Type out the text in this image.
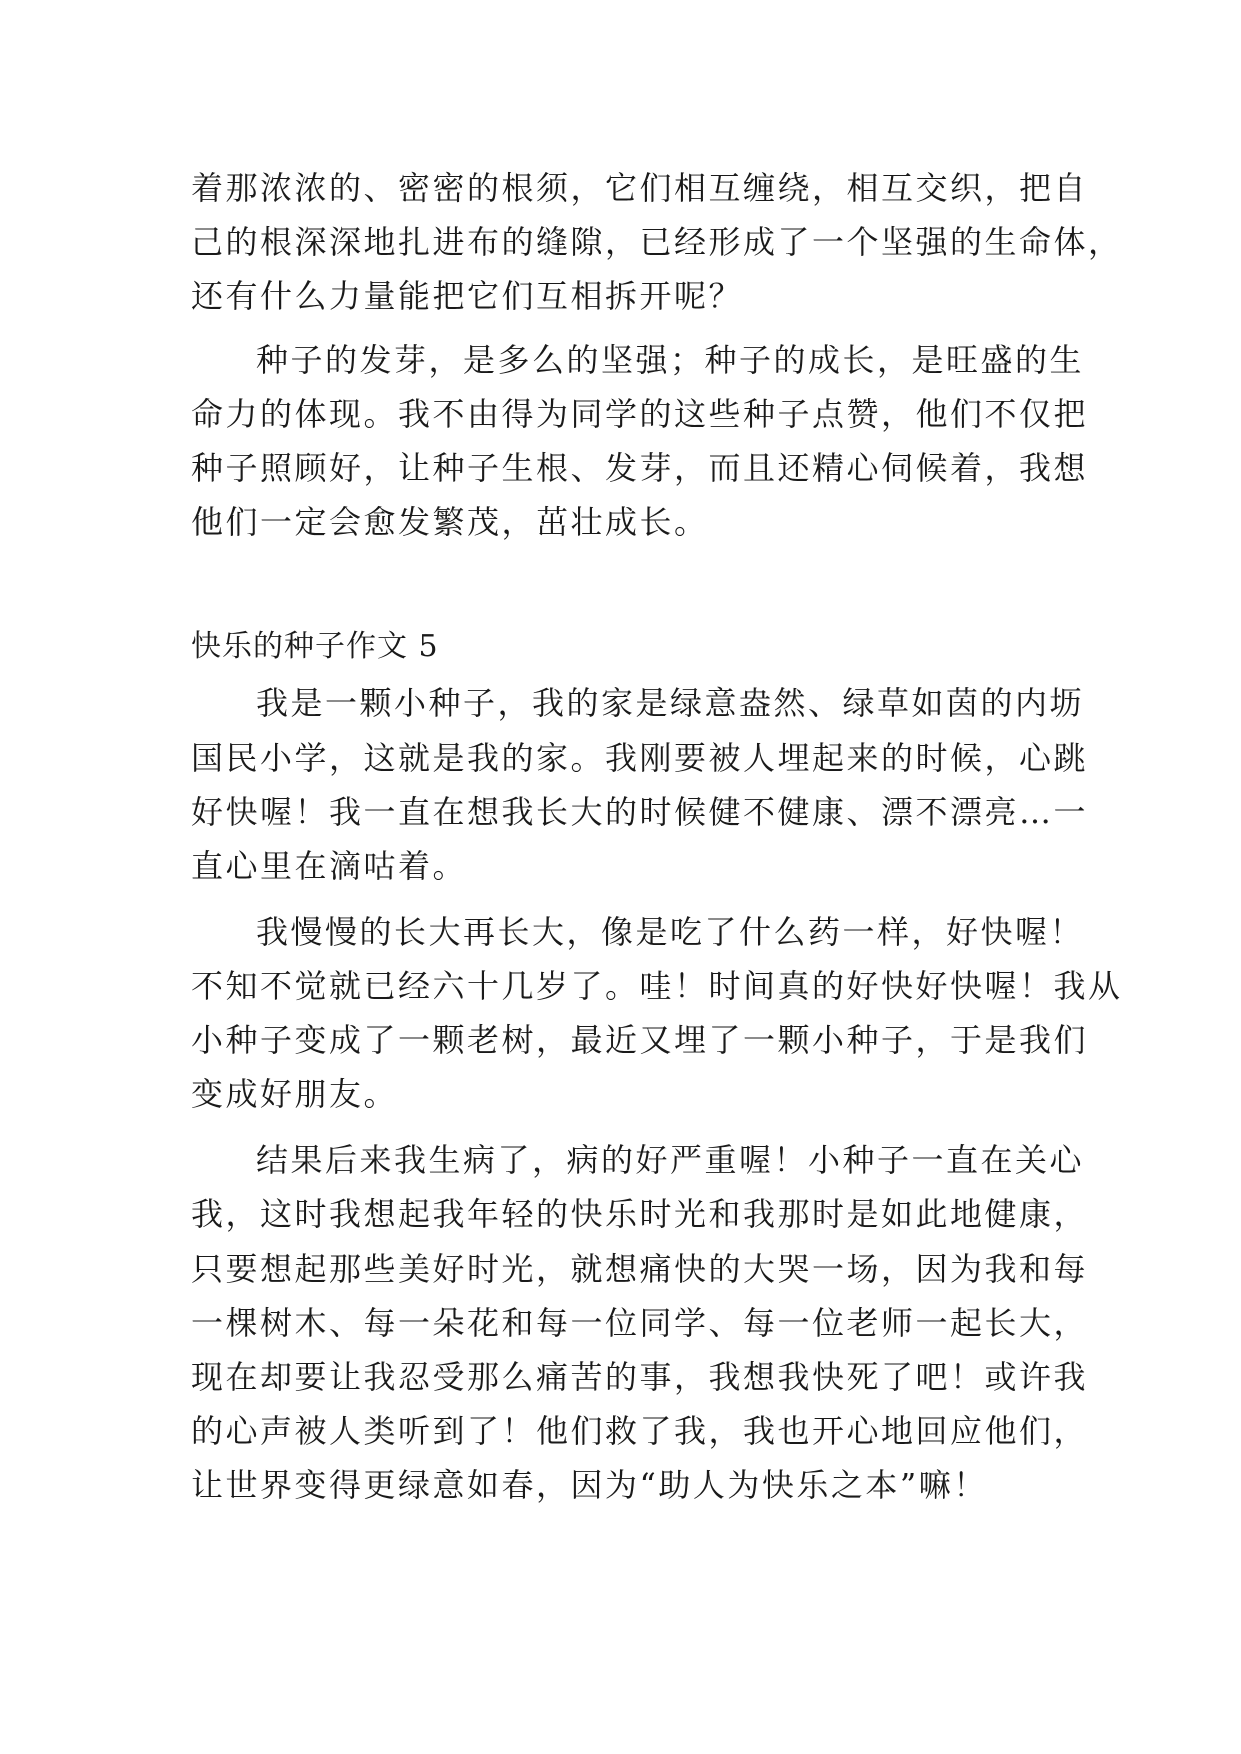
着那浓浓的、密密的根须，它们相互缠绕，相互交织，把自
己的根深深地扎进布的缝隙，已经形成了一个坚强的生命体，
还有什么力量能把它们互相拆开呢？
种子的发芽，是多么的坚强；种子的成长，是旺盛的生
命力的体现。我不由得为同学的这些种子点赞，他们不仅把
种子照顾好，让种子生根、发芽，而且还精心伺候着，我想
他们一定会愈发繁茂，茁壮成长。
快乐的种子作文 5
我是一颗小种子，我的家是绿意盎然、绿草如茵的内坜
国民小学，这就是我的家。我刚要被人埋起来的时候，心跳
好快喔！我一直在想我长大的时候健不健康、漂不漂亮…一
直心里在滴咕着。
我慢慢的长大再长大，像是吃了什么药一样，好快喔！
不知不觉就已经六十几岁了。哇！时间真的好快好快喔！我从
小种子变成了一颗老树，最近又埋了一颗小种子，于是我们
变成好朋友。
结果后来我生病了，病的好严重喔！小种子一直在关心
我，这时我想起我年轻的快乐时光和我那时是如此地健康，
只要想起那些美好时光，就想痛快的大哭一场，因为我和每
一棵树木、每一朵花和每一位同学、每一位老师一起长大，
现在却要让我忍受那么痛苦的事，我想我快死了吧！或许我
的心声被人类听到了！他们救了我，我也开心地回应他们，
让世界变得更绿意如春，因为“助人为快乐之本”嘛！
